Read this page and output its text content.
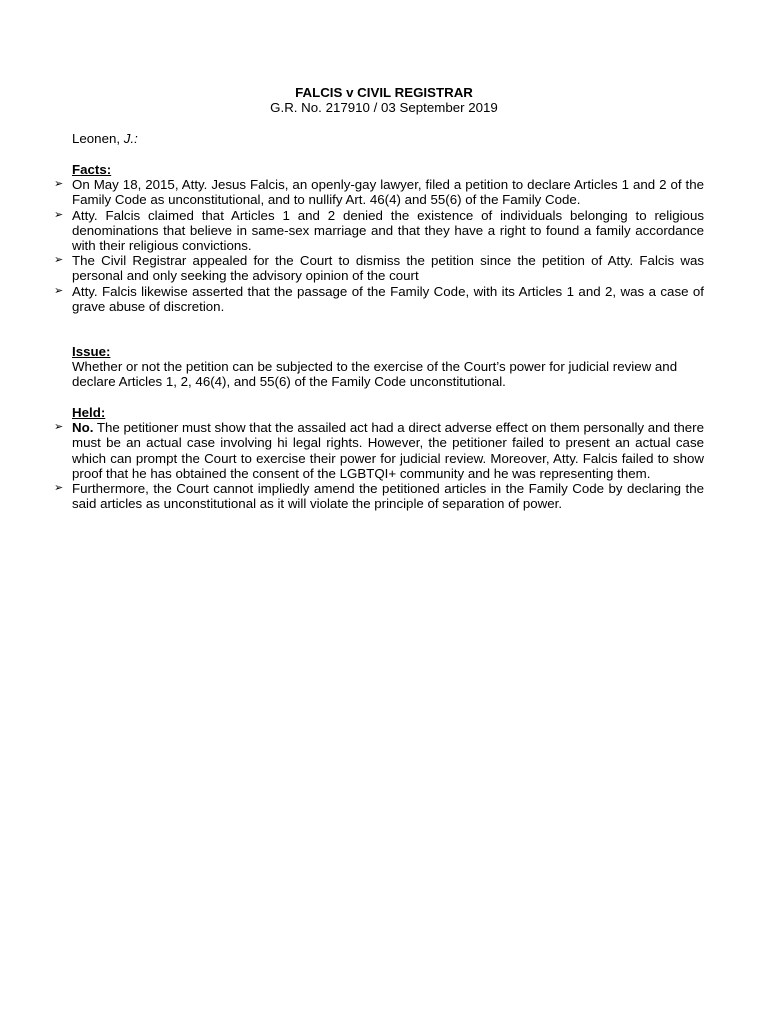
FALCIS v CIVIL REGISTRAR
G.R. No. 217910 / 03 September 2019
Leonen, J.:
Facts:
➢ On May 18, 2015, Atty. Jesus Falcis, an openly-gay lawyer, filed a petition to declare Articles 1 and 2 of the Family Code as unconstitutional, and to nullify Art. 46(4) and 55(6) of the Family Code.
➢ Atty. Falcis claimed that Articles 1 and 2 denied the existence of individuals belonging to religious denominations that believe in same-sex marriage and that they have a right to found a family accordance with their religious convictions.
➢ The Civil Registrar appealed for the Court to dismiss the petition since the petition of Atty. Falcis was personal and only seeking the advisory opinion of the court
➢ Atty. Falcis likewise asserted that the passage of the Family Code, with its Articles 1 and 2, was a case of grave abuse of discretion.
Issue:
Whether or not the petition can be subjected to the exercise of the Court’s power for judicial review and declare Articles 1, 2, 46(4), and 55(6) of the Family Code unconstitutional.
Held:
➢ No. The petitioner must show that the assailed act had a direct adverse effect on them personally and there must be an actual case involving hi legal rights. However, the petitioner failed to present an actual case which can prompt the Court to exercise their power for judicial review. Moreover, Atty. Falcis failed to show proof that he has obtained the consent of the LGBTQI+ community and he was representing them.
➢ Furthermore, the Court cannot impliedly amend the petitioned articles in the Family Code by declaring the said articles as unconstitutional as it will violate the principle of separation of power.
